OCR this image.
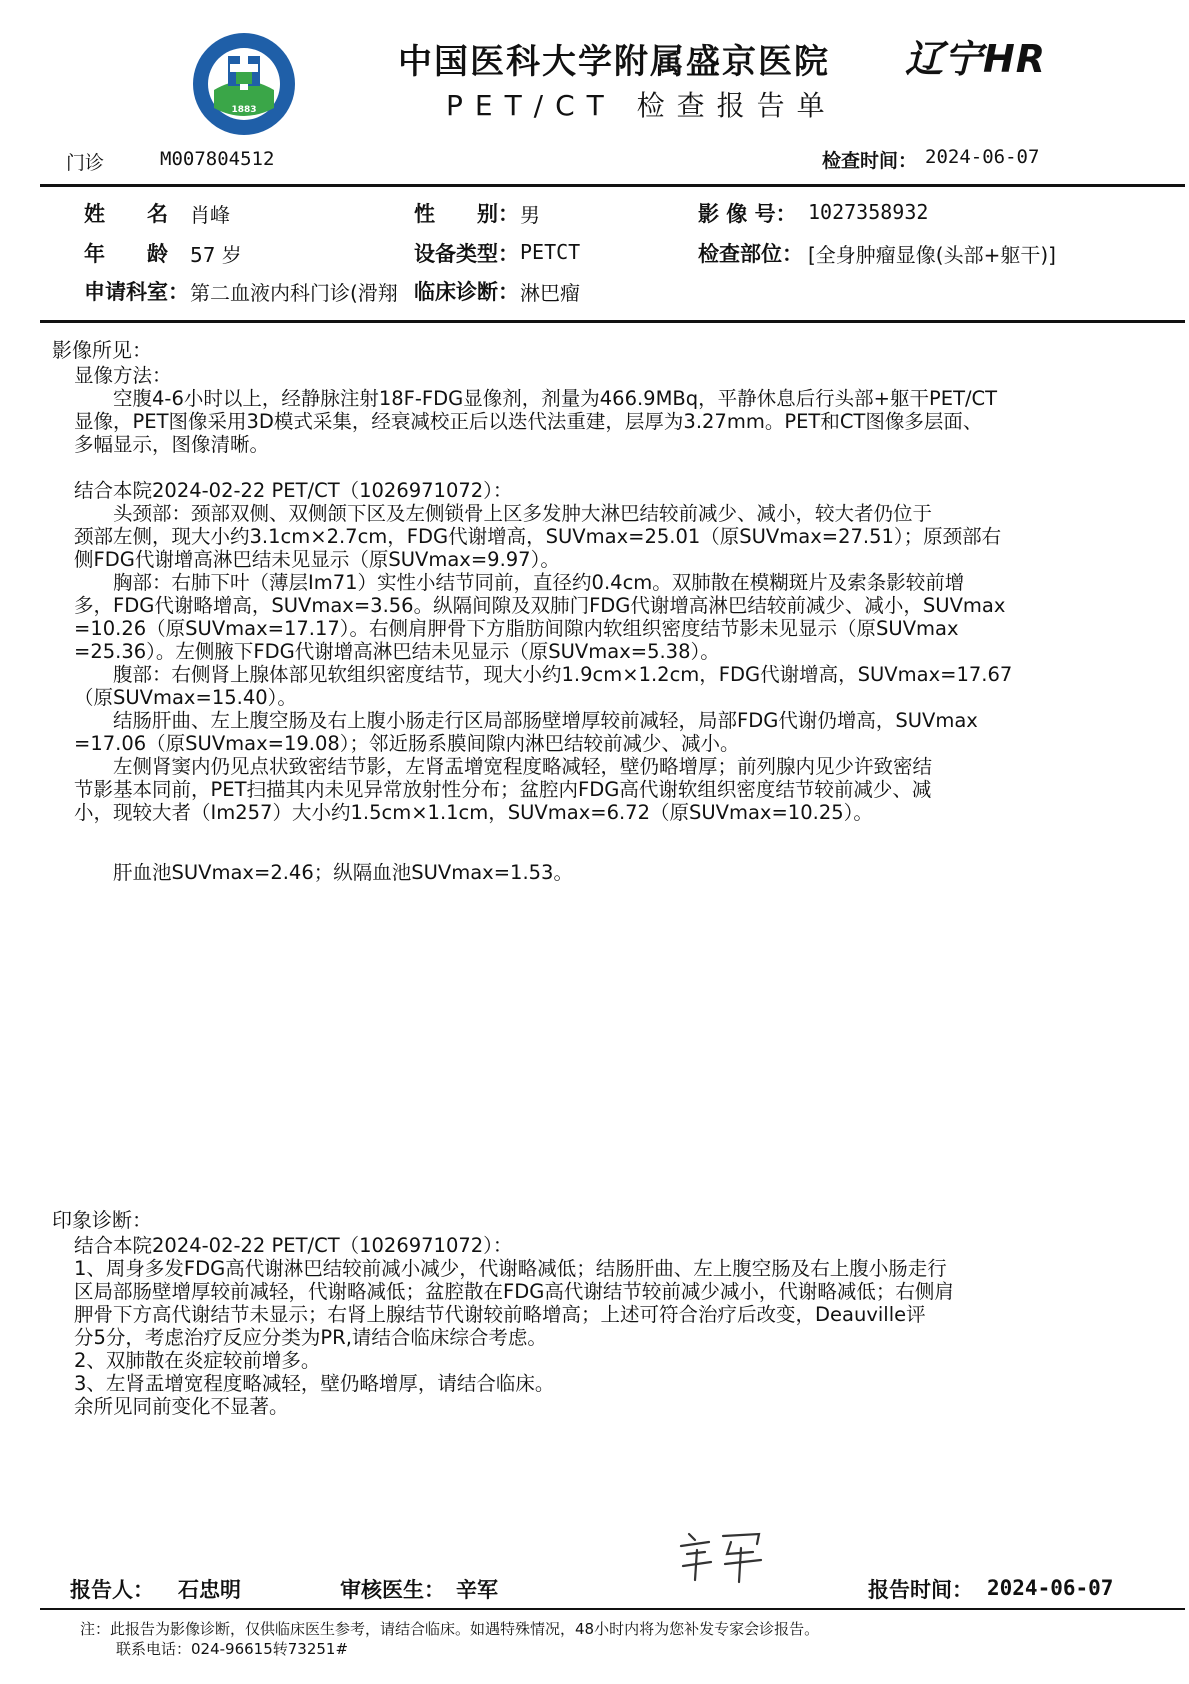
1883
中国医科大学附属盛京医院
PET/CT 检查报告单
辽宁HR
门诊	M007804512	检查时间： 2024-06-07
姓　　名 肖峰	性　　别： 男	影 像 号： 1027358932
年　　龄 57 岁	设备类型： PETCT	检查部位： [全身肿瘤显像(头部+躯干)]
申请科室： 第二血液内科门诊(滑翔 临床诊断： 淋巴瘤
影像所见：
显像方法：
　　空腹4-6小时以上，经静脉注射18F-FDG显像剂，剂量为466.9MBq，平静休息后行头部+躯干PET/CT
显像，PET图像采用3D模式采集，经衰减校正后以迭代法重建，层厚为3.27mm。PET和CT图像多层面、
多幅显示，图像清晰。
结合本院2024-02-22 PET/CT（1026971072）：
　　头颈部：颈部双侧、双侧颌下区及左侧锁骨上区多发肿大淋巴结较前减少、减小，较大者仍位于
颈部左侧，现大小约3.1cm×2.7cm，FDG代谢增高，SUVmax=25.01（原SUVmax=27.51）；原颈部右
侧FDG代谢增高淋巴结未见显示（原SUVmax=9.97）。
　　胸部：右肺下叶（薄层Im71）实性小结节同前，直径约0.4cm。双肺散在模糊斑片及索条影较前增
多，FDG代谢略增高，SUVmax=3.56。纵隔间隙及双肺门FDG代谢增高淋巴结较前减少、减小，SUVmax
=10.26（原SUVmax=17.17）。右侧肩胛骨下方脂肪间隙内软组织密度结节影未见显示（原SUVmax
=25.36）。左侧腋下FDG代谢增高淋巴结未见显示（原SUVmax=5.38）。
　　腹部：右侧肾上腺体部见软组织密度结节，现大小约1.9cm×1.2cm，FDG代谢增高，SUVmax=17.67
（原SUVmax=15.40）。
　　结肠肝曲、左上腹空肠及右上腹小肠走行区局部肠壁增厚较前减轻，局部FDG代谢仍增高，SUVmax
=17.06（原SUVmax=19.08）；邻近肠系膜间隙内淋巴结较前减少、减小。
　　左侧肾窦内仍见点状致密结节影，左肾盂增宽程度略减轻，壁仍略增厚；前列腺内见少许致密结
节影基本同前，PET扫描其内未见异常放射性分布；盆腔内FDG高代谢软组织密度结节较前减少、减
小，现较大者（Im257）大小约1.5cm×1.1cm，SUVmax=6.72（原SUVmax=10.25）。
　　肝血池SUVmax=2.46；纵隔血池SUVmax=1.53。
印象诊断：
结合本院2024-02-22 PET/CT（1026971072）：
1、周身多发FDG高代谢淋巴结较前减小减少，代谢略减低；结肠肝曲、左上腹空肠及右上腹小肠走行
区局部肠壁增厚较前减轻，代谢略减低；盆腔散在FDG高代谢结节较前减少减小，代谢略减低；右侧肩
胛骨下方高代谢结节未显示；右肾上腺结节代谢较前略增高；上述可符合治疗后改变，Deauville评
分5分，考虑治疗反应分类为PR,请结合临床综合考虑。
2、双肺散在炎症较前增多。
3、左肾盂增宽程度略减轻，壁仍略增厚，请结合临床。
余所见同前变化不显著。
报告人： 石忠明	审核医生： 辛军	报告时间： 2024-06-07
注：此报告为影像诊断，仅供临床医生参考，请结合临床。如遇特殊情况，48小时内将为您补发专家会诊报告。
联系电话：024-96615转73251#
